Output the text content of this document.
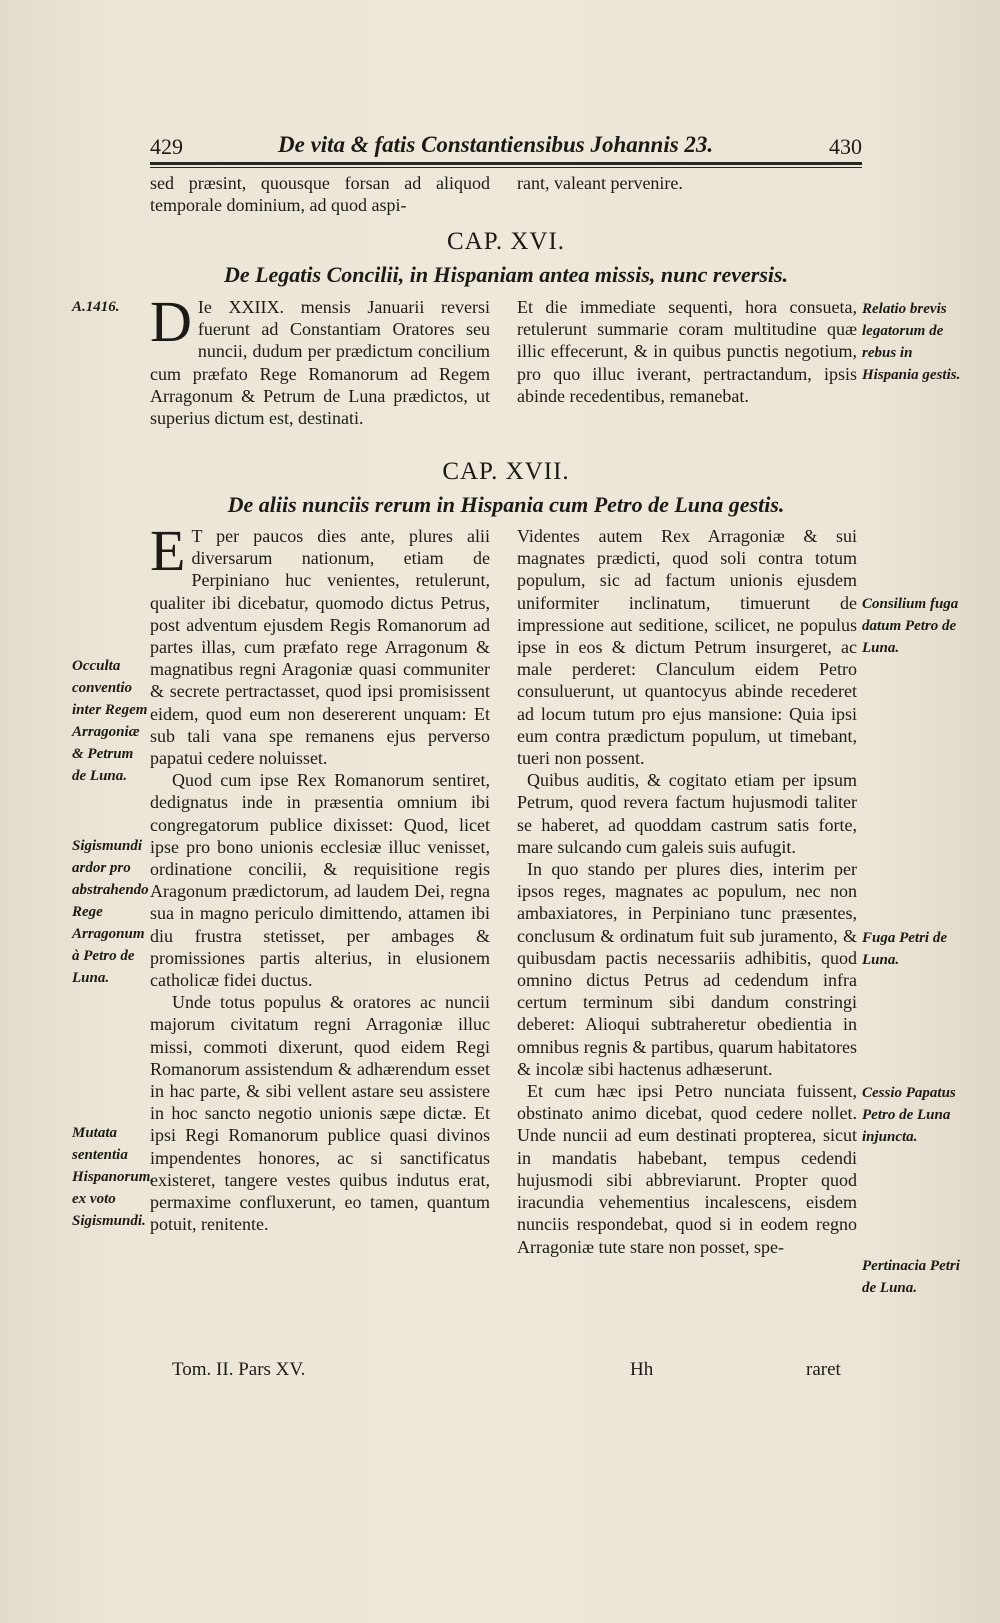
429	De vita & fatis Constantiensibus Johannis 23.	430

sed præsint, quousque forsan ad aliquod temporale dominium, ad quod aspi-

rant, valeant pervenire.

CAP. XVI.
De Legatis Concilii, in Hispaniam antea missis, nunc reversis.
A.1416. D Ie XXIIX. mensis Januarii reversi fuerunt ad Constantiam Oratores seu nuncii, dudum per prædictum concilium cum præfato Rege Romanorum ad Regem Arragonum & Petrum de Luna prædictos, ut superius dictum est, destinati.

Et die immediate sequenti, hora consueta, retulerunt summarie coram multitudine quæ illic effecerunt, & in quibus punctis negotium, pro quo illuc iverant, pertractandum, ipsis abinde recedentibus, remanebat.

Relatio brevis legatorum de rebus in Hispania gestis.
CAP. XVII.
De aliis nunciis rerum in Hispania cum Petro de Luna gestis.

E T per paucos dies ante, plures alii diversarum nationum, etiam de Perpiniano huc venientes, retulerunt, qualiter ibi dicebatur, quomodo dictus Petrus, post adventum ejusdem Regis Romanorum ad partes illas, cum præfato rege Arragonum & magnatibus regni Aragoniæ quasi communiter & secrete pertractasset, quod ipsi promisissent eidem, quod eum non desererent unquam: Et sub tali vana spe remanens ejus perverso papatui cedere noluisset.

Quod cum ipse Rex Romanorum sentiret, dedignatus inde in præsentia omnium ibi congregatorum publice dixisset: Quod, licet ipse pro bono unionis ecclesiæ illuc venisset, ordinatione concilii, & requisitione regis Aragonum prædictorum, ad laudem Dei, regna sua in magno periculo dimittendo, attamen ibi diu frustra stetisset, per ambages & promissiones partis alterius, in elusionem catholicæ fidei ductus.

Unde totus populus & oratores ac nuncii majorum civitatum regni Arragoniæ illuc missi, commoti dixerunt, quod eidem Regi Romanorum assistendum & adhærendum esset in hac parte, & sibi vellent astare seu assistere in hoc sancto negotio unionis sæpe dictæ. Et ipsi Regi Romanorum publice quasi divinos impendentes honores, ac si sanctificatus existeret, tangere vestes quibus indutus erat, permaxime confluxerunt, eo tamen, quantum potuit, renitente.

Videntes autem Rex Arragoniæ & sui magnates prædicti, quod soli contra totum populum, sic ad factum unionis ejusdem uniformiter inclinatum, timuerunt de impressione aut seditione, scilicet, ne populus ipse in eos & dictum Petrum insurgeret, ac male perderet: Clanculum eidem Petro consuluerunt, ut quantocyus abinde recederet ad locum tutum pro ejus mansione: Quia ipsi eum contra prædictum populum, ut timebant, tueri non possent.

Quibus auditis, & cogitato etiam per ipsum Petrum, quod revera factum hujusmodi taliter se haberet, ad quoddam castrum satis forte, mare sulcando cum galeis suis aufugit.

In quo stando per plures dies, interim per ipsos reges, magnates ac populum, nec non ambaxiatores, in Perpiniano tunc præsentes, conclusum & ordinatum fuit sub juramento, & quibusdam pactis necessariis adhibitis, quod omnino dictus Petrus ad cedendum infra certum terminum sibi dandum constringi deberet: Alioqui subtraheretur obedientia in omnibus regnis & partibus, quarum habitatores & incolæ sibi hactenus adhæserunt.

Et cum hæc ipsi Petro nunciata fuissent, obstinato animo dicebat, quod cedere nollet. Unde nuncii ad eum destinati propterea, sicut in mandatis habebant, tempus cedendi hujusmodi sibi abbreviarunt. Propter quod iracundia vehementius incalescens, eisdem nunciis respondebat, quod si in eodem regno Arragoniæ tute stare non posset, spe-

Occulta conventio inter Regem Arragoniæ & Petrum de Luna.
Sigismundi ardor pro abstrahendo Rege Arragonum à Petro de Luna.
Mutata sententia Hispanorum, ex voto Sigismundi.
Consilium fuga datum Petro de Luna.
Fuga Petri de Luna.
Cessio Papatus Petro de Luna injuncta.
Pertinacia Petri de Luna.
Tom. II. Pars XV.	Hh	raret
